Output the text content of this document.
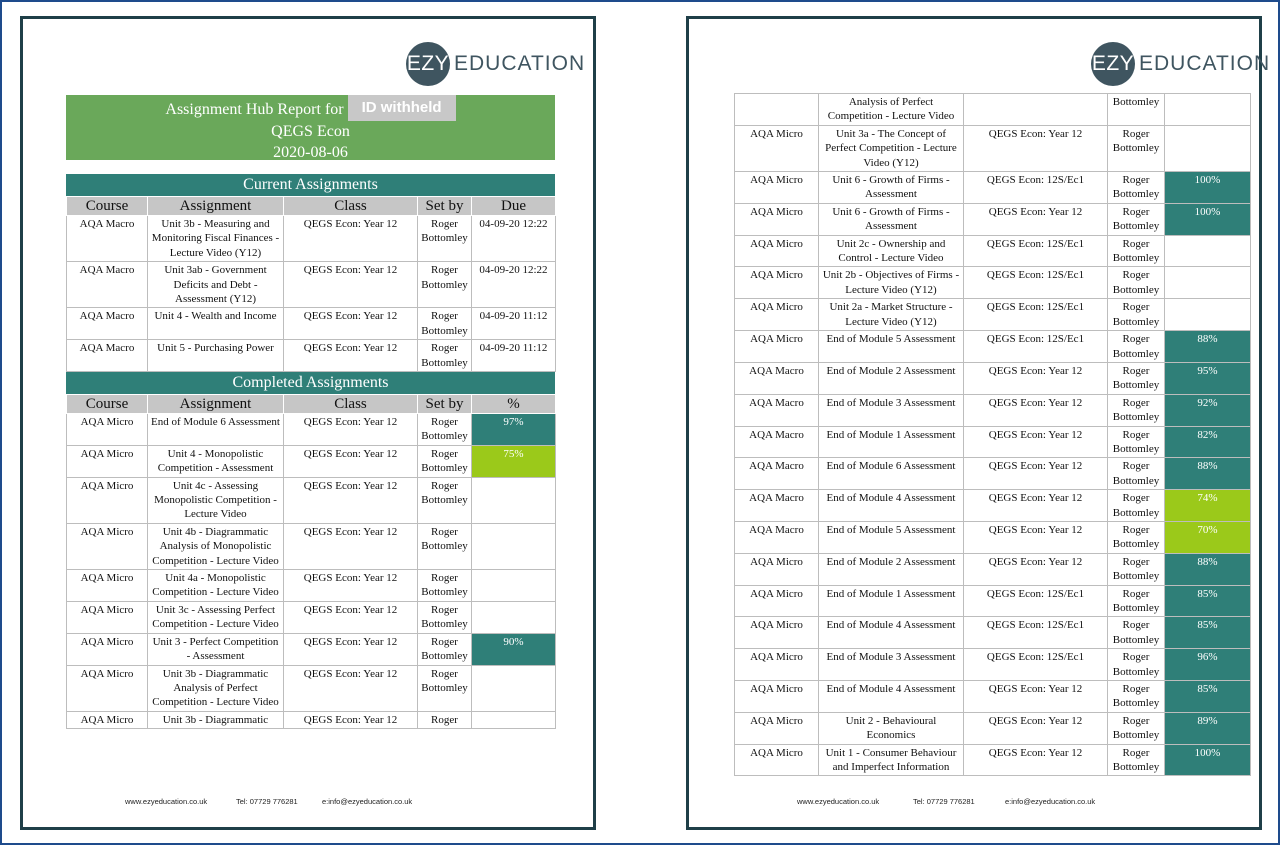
EZY EDUCATION
Assignment Hub Report for	ID withheld
QEGS Econ
2020-08-06
Current Assignments
Course	Assignment	Class	Set by	Due
AQA Macro	Unit 3b - Measuring and Monitoring Fiscal Finances - Lecture Video (Y12)	QEGS Econ: Year 12	Roger Bottomley	04-09-20 12:22
AQA Macro	Unit 3ab - Government Deficits and Debt - Assessment (Y12)	QEGS Econ: Year 12	Roger Bottomley	04-09-20 12:22
AQA Macro	Unit 4 - Wealth and Income	QEGS Econ: Year 12	Roger Bottomley	04-09-20 11:12
AQA Macro	Unit 5 - Purchasing Power	QEGS Econ: Year 12	Roger Bottomley	04-09-20 11:12
Completed Assignments
Course	Assignment	Class	Set by	%
AQA Micro	End of Module 6 Assessment	QEGS Econ: Year 12	Roger Bottomley	97%
AQA Micro	Unit 4 - Monopolistic Competition - Assessment	QEGS Econ: Year 12	Roger Bottomley	75%
AQA Micro	Unit 4c - Assessing Monopolistic Competition - Lecture Video	QEGS Econ: Year 12	Roger Bottomley	
AQA Micro	Unit 4b - Diagrammatic Analysis of Monopolistic Competition - Lecture Video	QEGS Econ: Year 12	Roger Bottomley	
AQA Micro	Unit 4a - Monopolistic Competition - Lecture Video	QEGS Econ: Year 12	Roger Bottomley	
AQA Micro	Unit 3c - Assessing Perfect Competition - Lecture Video	QEGS Econ: Year 12	Roger Bottomley	
AQA Micro	Unit 3 - Perfect Competition - Assessment	QEGS Econ: Year 12	Roger Bottomley	90%
AQA Micro	Unit 3b - Diagrammatic Analysis of Perfect Competition - Lecture Video	QEGS Econ: Year 12	Roger Bottomley	
AQA Micro	Unit 3b - Diagrammatic	QEGS Econ: Year 12	Roger	
www.ezyeducation.co.uk	Tel: 07729 776281	e:info@ezyeducation.co.uk
EZY EDUCATION
	Analysis of Perfect Competition - Lecture Video		Bottomley	
AQA Micro	Unit 3a - The Concept of Perfect Competition - Lecture Video (Y12)	QEGS Econ: Year 12	Roger Bottomley	
AQA Micro	Unit 6 - Growth of Firms - Assessment	QEGS Econ: 12S/Ec1	Roger Bottomley	100%
AQA Micro	Unit 6 - Growth of Firms - Assessment	QEGS Econ: Year 12	Roger Bottomley	100%
AQA Micro	Unit 2c - Ownership and Control - Lecture Video	QEGS Econ: 12S/Ec1	Roger Bottomley	
AQA Micro	Unit 2b - Objectives of Firms - Lecture Video (Y12)	QEGS Econ: 12S/Ec1	Roger Bottomley	
AQA Micro	Unit 2a - Market Structure - Lecture Video (Y12)	QEGS Econ: 12S/Ec1	Roger Bottomley	
AQA Micro	End of Module 5 Assessment	QEGS Econ: 12S/Ec1	Roger Bottomley	88%
AQA Macro	End of Module 2 Assessment	QEGS Econ: Year 12	Roger Bottomley	95%
AQA Macro	End of Module 3 Assessment	QEGS Econ: Year 12	Roger Bottomley	92%
AQA Macro	End of Module 1 Assessment	QEGS Econ: Year 12	Roger Bottomley	82%
AQA Macro	End of Module 6 Assessment	QEGS Econ: Year 12	Roger Bottomley	88%
AQA Macro	End of Module 4 Assessment	QEGS Econ: Year 12	Roger Bottomley	74%
AQA Macro	End of Module 5 Assessment	QEGS Econ: Year 12	Roger Bottomley	70%
AQA Micro	End of Module 2 Assessment	QEGS Econ: Year 12	Roger Bottomley	88%
AQA Micro	End of Module 1 Assessment	QEGS Econ: 12S/Ec1	Roger Bottomley	85%
AQA Micro	End of Module 4 Assessment	QEGS Econ: 12S/Ec1	Roger Bottomley	85%
AQA Micro	End of Module 3 Assessment	QEGS Econ: 12S/Ec1	Roger Bottomley	96%
AQA Micro	End of Module 4 Assessment	QEGS Econ: Year 12	Roger Bottomley	85%
AQA Micro	Unit 2 - Behavioural Economics	QEGS Econ: Year 12	Roger Bottomley	89%
AQA Micro	Unit 1 - Consumer Behaviour and Imperfect Information	QEGS Econ: Year 12	Roger Bottomley	100%
www.ezyeducation.co.uk	Tel: 07729 776281	e:info@ezyeducation.co.uk
